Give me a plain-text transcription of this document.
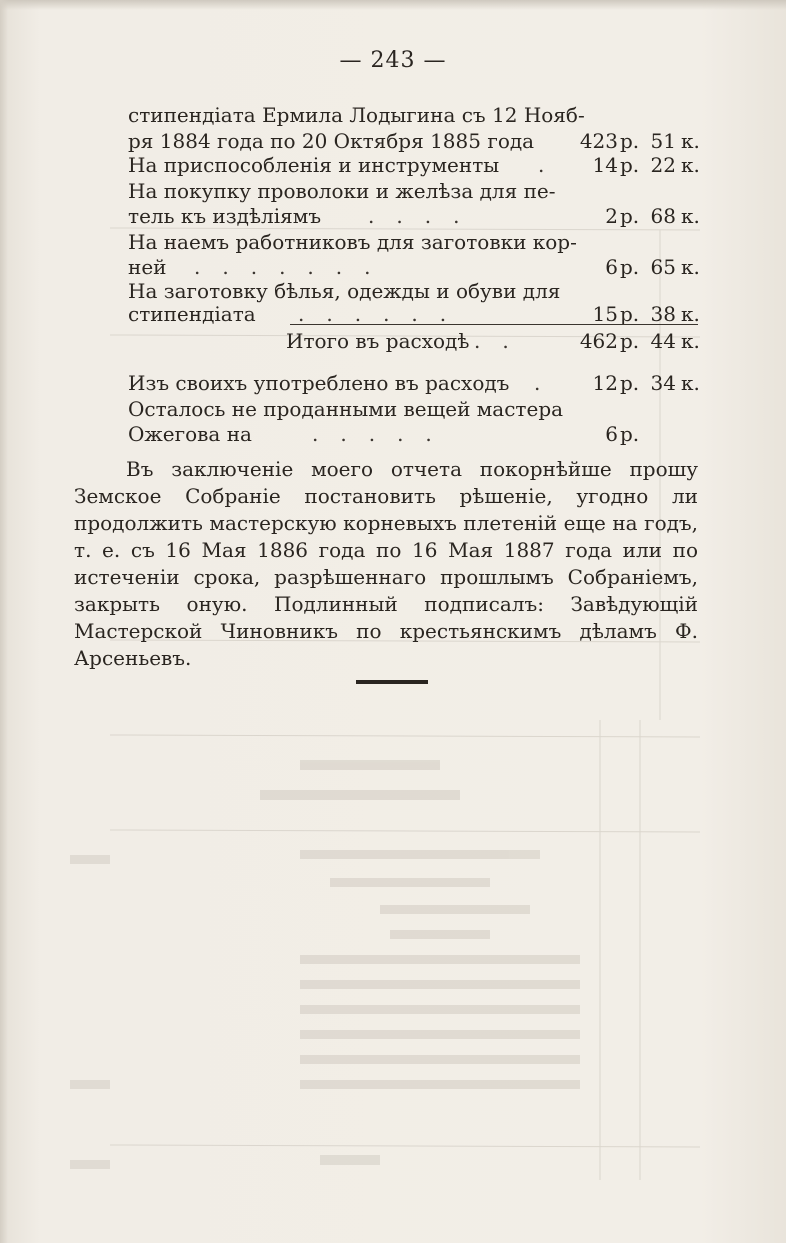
— 243 —
стипендiата Ермила Лодыгина съ 12 Нояб-
ря 1884 года по 20 Октября 1885 года	423 р. 51 к.
На приспособленiя и инструменты .	14 р. 22 к.
На покупку проволоки и желѣза для пе-
тель къ издѣлiямъ ....	2 р. 68 к.
На наемъ работниковъ для заготовки кор-
ней .......	6 р. 65 к.
На заготовку бѣлья, одежды и обуви для
стипендiата ......	15 р. 38 к.
Итого въ расходѣ ..	462 р. 44 к.
Изъ своихъ употреблено въ расходъ .	12 р. 34 к.
Осталось не проданными вещей мастера
Ожегова на	.....	6 р.

Въ заключенiе моего отчета покорнѣйше прошу Земское Собранiе постановить рѣшенiе, угодно ли продолжить мастерскую корневыхъ плетенiй еще на годъ, т. е. съ 16 Мая 1886 года по 16 Мая 1887 года или по истеченiи срока, разрѣшеннаго прошлымъ Собранiемъ, закрыть оную. Подлинный подписалъ: Завѣдующiй Мастерской Чиновникъ по крестьянскимъ дѣламъ Ф. Арсеньевъ.
